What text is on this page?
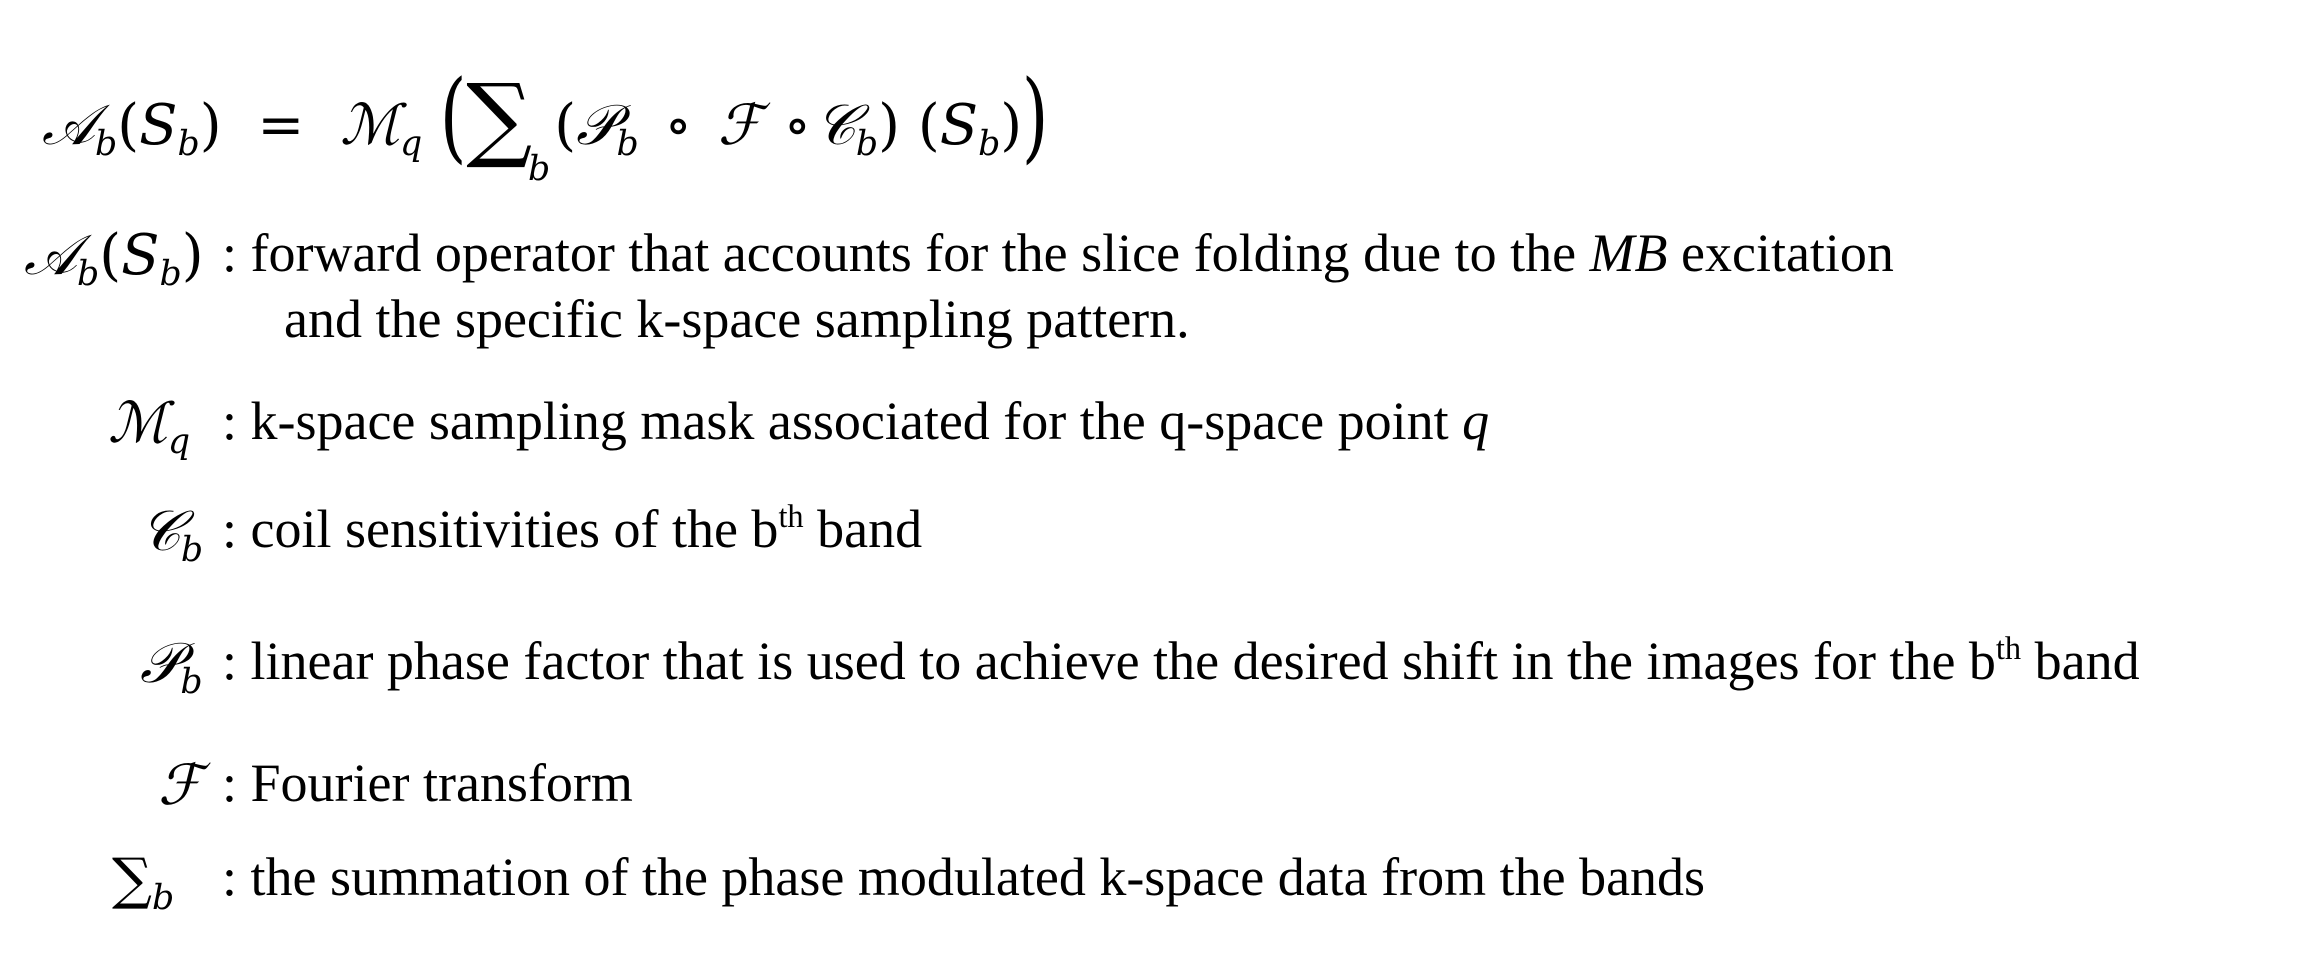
$𝒜_b(S_b)$ = ℳ$_q$ (∑
b
(𝒫$_b$ ∘ ℱ ∘𝒞$_b$) $(S_b)$)
$𝒜_b(S_b)$ : forward operator that accounts for the slice folding due to the MB excitation
and the specific k-space sampling pattern.
ℳ$_q$ : k-space sampling mask associated for the q-space point q
𝒞$_b$ : coil sensitivities of the $b^{th}$ band
𝒫$_b$ : linear phase factor that is used to achieve the desired shift in the images for the $b^{th}$ band
ℱ : Fourier transform
$\sum_b$ : the summation of the phase modulated k-space data from the bands
